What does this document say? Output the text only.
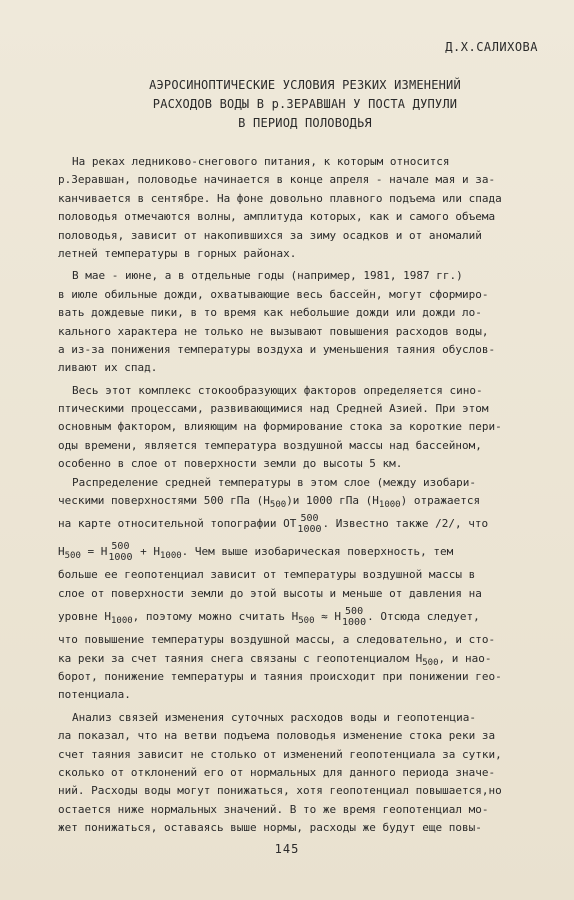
Д.Х.САЛИХОВА
АЭРОСИНОПТИЧЕСКИЕ УСЛОВИЯ РЕЗКИХ ИЗМЕНЕНИЙ
РАСХОДОВ ВОДЫ В р.ЗЕРАВШАН У ПОСТА ДУПУЛИ
В ПЕРИОД ПОЛОВОДЬЯ
На реках ледниково-снегового питания, к которым относится
р.Зеравшан, половодье начинается в конце апреля - начале мая и за-
канчивается в сентябре. На фоне довольно плавного подъема или спада
половодья отмечаются волны, амплитуда которых, как и самого объема
половодья, зависит от накопившихся за зиму осадков и от аномалий
летней температуры в горных районах.
В мае - июне, а в отдельные годы (например, 1981, 1987 гг.)
в июле обильные дожди, охватывающие весь бассейн, могут сформиро-
вать дождевые пики, в то время как небольшие дожди или дожди ло-
кального характера не только не вызывают повышения расходов воды,
а из-за понижения температуры воздуха и уменьшения таяния обуслов-
ливают их спад.
Весь этот комплекс стокообразующих факторов определяется сино-
птическими процессами, развивающимися над Средней Азией. При этом
основным фактором, влияющим на формирование стока за короткие пери-
оды времени, является температура воздушной массы над бассейном,
особенно в слое от поверхности земли до высоты 5 км.
Распределение средней температуры в этом слое (между изобари-
ческими поверхностями 500 гПа $(H_{500})и$ 1000 гПа $(H_{1000})$ отражается
на карте относительной топографии OT 500
1000 . Известно также /2/, что
$H_{500} = H$ 500
$1000 + H_{1000}$. Чем выше изобарическая поверхность, тем
больше ее геопотенциал зависит от температуры воздушной массы в
слое от поверхности земли до этой высоты и меньше от давления на
уровне $H_{1000}$, поэтому можно считать $H_{500} \approx H$ 500
1000 . Отсюда следует,
что повышение температуры воздушной массы, а следовательно, и сто-
ка реки за счет таяния снега связаны с геопотенциалом $H_{500}$, и нао-
борот, понижение температуры и таяния происходит при понижении гео-
потенциала.
Анализ связей изменения суточных расходов воды и геопотенциа-
ла показал, что на ветви подъема половодья изменение стока реки за
счет таяния зависит не столько от изменений геопотенциала за сутки,
сколько от отклонений его от нормальных для данного периода значе-
ний. Расходы воды могут понижаться, хотя геопотенциал повышается,но
остается ниже нормальных значений. В то же время геопотенциал мо-
жет понижаться, оставаясь выше нормы, расходы же будут еще повы-
145
